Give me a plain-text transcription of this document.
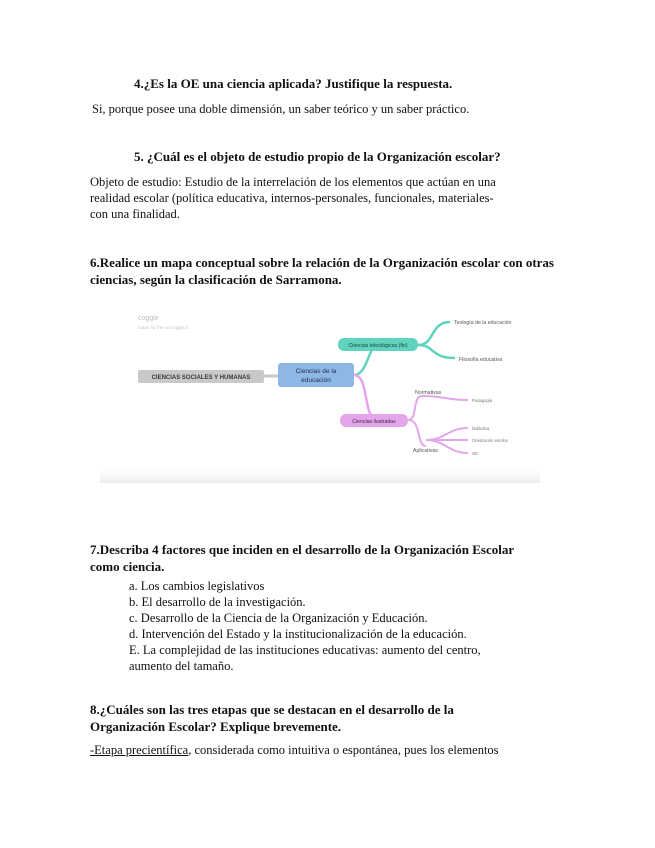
4.¿Es la OE una ciencia aplicada? Justifique la respuesta.
Si, porque posee una doble dimensión, un saber teórico y un saber práctico.
5. ¿Cuál es el objeto de estudio propio de la Organización escolar?
Objeto de estudio: Estudio de la interrelación de los elementos que actúan en una
realidad escolar (política educativa, internos-personales, funcionales, materiales-
con una finalidad.
6.Realice un mapa conceptual sobre la relación de la Organización escolar con otras
ciencias, según la clasificación de Sarramona.
coggle
made for free at coggle.it
CIENCIAS SOCIALES Y HUMANAS
Ciencias de la
educación
Ciencias teleológicas (fin)
Teología de la educación
Filosofía educativa
Ciencias ilustradas
Normativas
Pedagogía
Aplicativas
Didáctica
Orientación escolar
OE
7.Describa 4 factores que inciden en el desarrollo de la Organización Escolar
como ciencia.
a. Los cambios legislativos
b. El desarrollo de la investigación.
c. Desarrollo de la Ciencia de la Organización y Educación.
d. Intervención del Estado y la institucionalización de la educación.
E. La complejidad de las instituciones educativas: aumento del centro,
aumento del tamaño.
8.¿Cuáles son las tres etapas que se destacan en el desarrollo de la
Organización Escolar? Explique brevemente.
-Etapa precientífica, considerada como intuitiva o espontánea, pues los elementos
